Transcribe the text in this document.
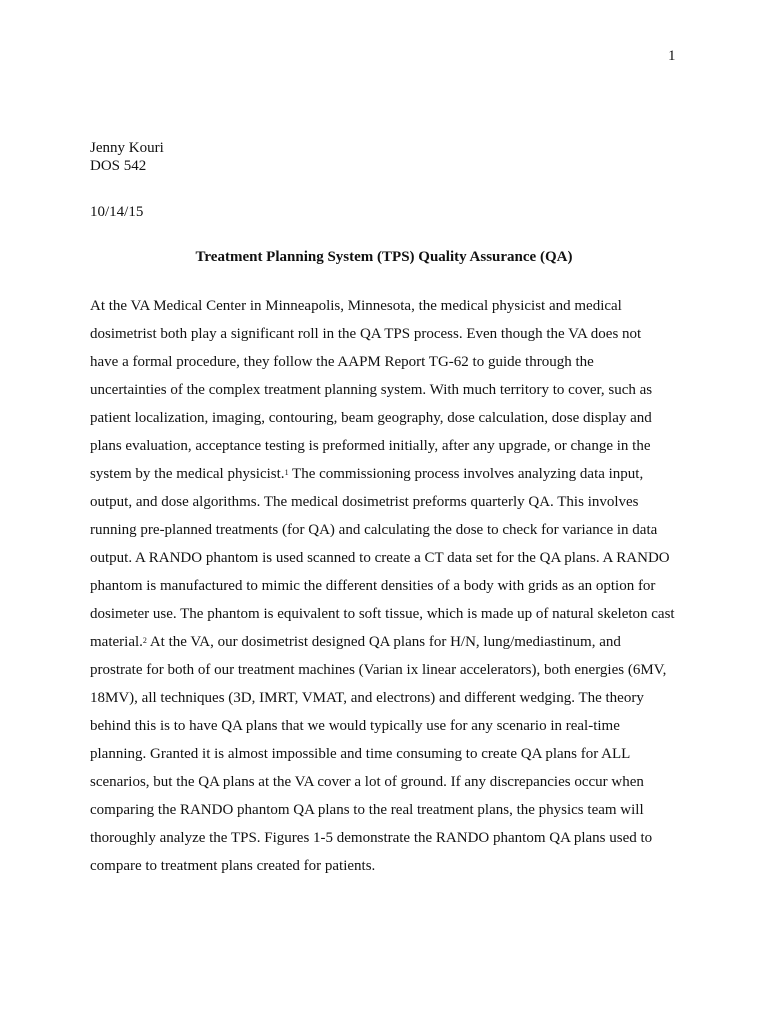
1
Jenny Kouri
DOS 542
10/14/15
Treatment Planning System (TPS) Quality Assurance (QA)
At the VA Medical Center in Minneapolis, Minnesota, the medical physicist and medical
dosimetrist both play a significant roll in the QA TPS process. Even though the VA does not
have a formal procedure, they follow the AAPM Report TG-62 to guide through the
uncertainties of the complex treatment planning system. With much territory to cover, such as
patient localization, imaging, contouring, beam geography, dose calculation, dose display and
plans evaluation, acceptance testing is preformed initially, after any upgrade, or change in the
system by the medical physicist.$^1$ The commissioning process involves analyzing data input,
output, and dose algorithms. The medical dosimetrist preforms quarterly QA. This involves
running pre-planned treatments (for QA) and calculating the dose to check for variance in data
output. A RANDO phantom is used scanned to create a CT data set for the QA plans. A RANDO
phantom is manufactured to mimic the different densities of a body with grids as an option for
dosimeter use. The phantom is equivalent to soft tissue, which is made up of natural skeleton cast
material.$^2$ At the VA, our dosimetrist designed QA plans for H/N, lung/mediastinum, and
prostrate for both of our treatment machines (Varian ix linear accelerators), both energies (6MV,
18MV), all techniques (3D, IMRT, VMAT, and electrons) and different wedging. The theory
behind this is to have QA plans that we would typically use for any scenario in real-time
planning. Granted it is almost impossible and time consuming to create QA plans for ALL
scenarios, but the QA plans at the VA cover a lot of ground. If any discrepancies occur when
comparing the RANDO phantom QA plans to the real treatment plans, the physics team will
thoroughly analyze the TPS. Figures 1-5 demonstrate the RANDO phantom QA plans used to
compare to treatment plans created for patients.
